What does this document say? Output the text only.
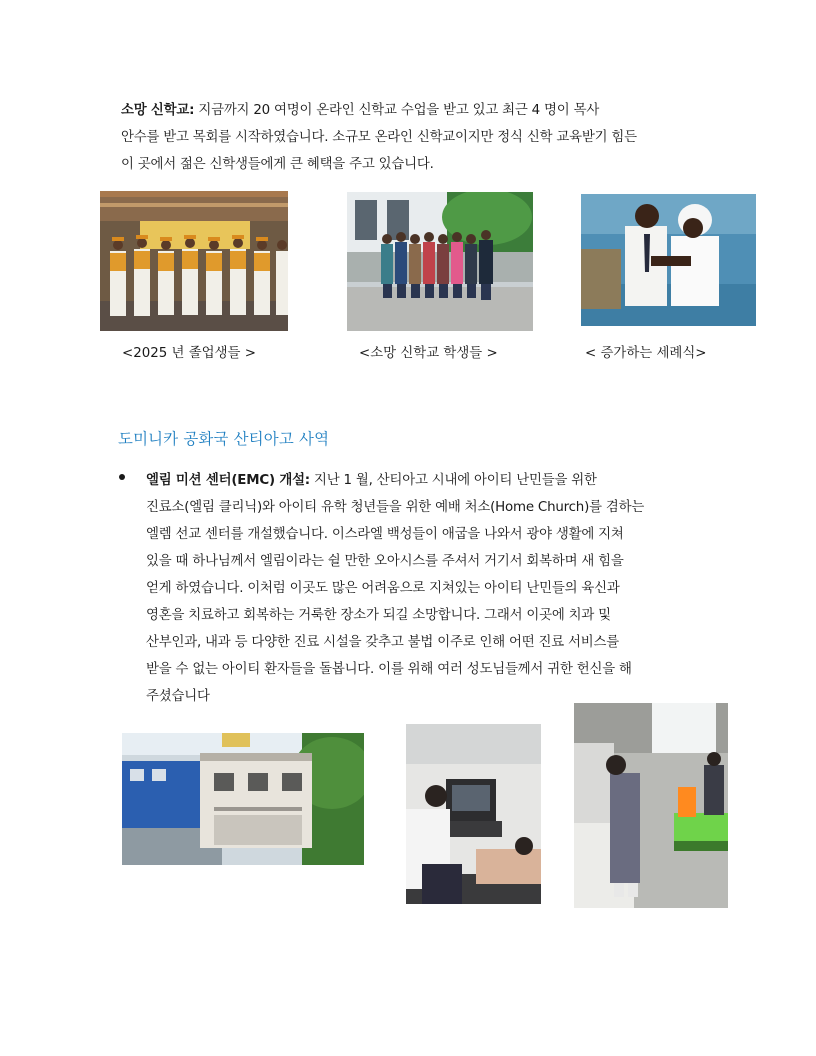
소망 신학교: 지금까지 20 여명이 온라인 신학교 수업을 받고 있고 최근 4 명이 목사
안수를 받고 목회를 시작하였습니다. 소규모 온라인 신학교이지만 정식 신학 교육받기 힘든
이 곳에서 젊은 신학생들에게 큰 혜택을 주고 있습니다.
<2025 년 졸업생들 >	<소망 신학교 학생들 >	< 증가하는 세례식>
도미니카 공화국 산티아고 사역
엘림 미션 센터(EMC) 개설: 지난 1 월, 산티아고 시내에 아이티 난민들을 위한
진료소(엘림 클리닉)와 아이티 유학 청년들을 위한 예배 처소(Home Church)를 겸하는
엘렘 선교 센터를 개설했습니다. 이스라엘 백성들이 애굽을 나와서 광야 생활에 지쳐
있을 때 하나님께서 엘림이라는 쉴 만한 오아시스를 주셔서 거기서 회복하며 새 힘을
얻게 하였습니다. 이처럼 이곳도 많은 어려움으로 지쳐있는 아이티 난민들의 육신과
영혼을 치료하고 회복하는 거룩한 장소가 되길 소망합니다. 그래서 이곳에 치과 및
산부인과, 내과 등 다양한 진료 시설을 갖추고 불법 이주로 인해 어떤 진료 서비스를
받을 수 없는 아이티 환자들을 돌봅니다. 이를 위해 여러 성도님들께서 귀한 헌신을 해
주셨습니다
